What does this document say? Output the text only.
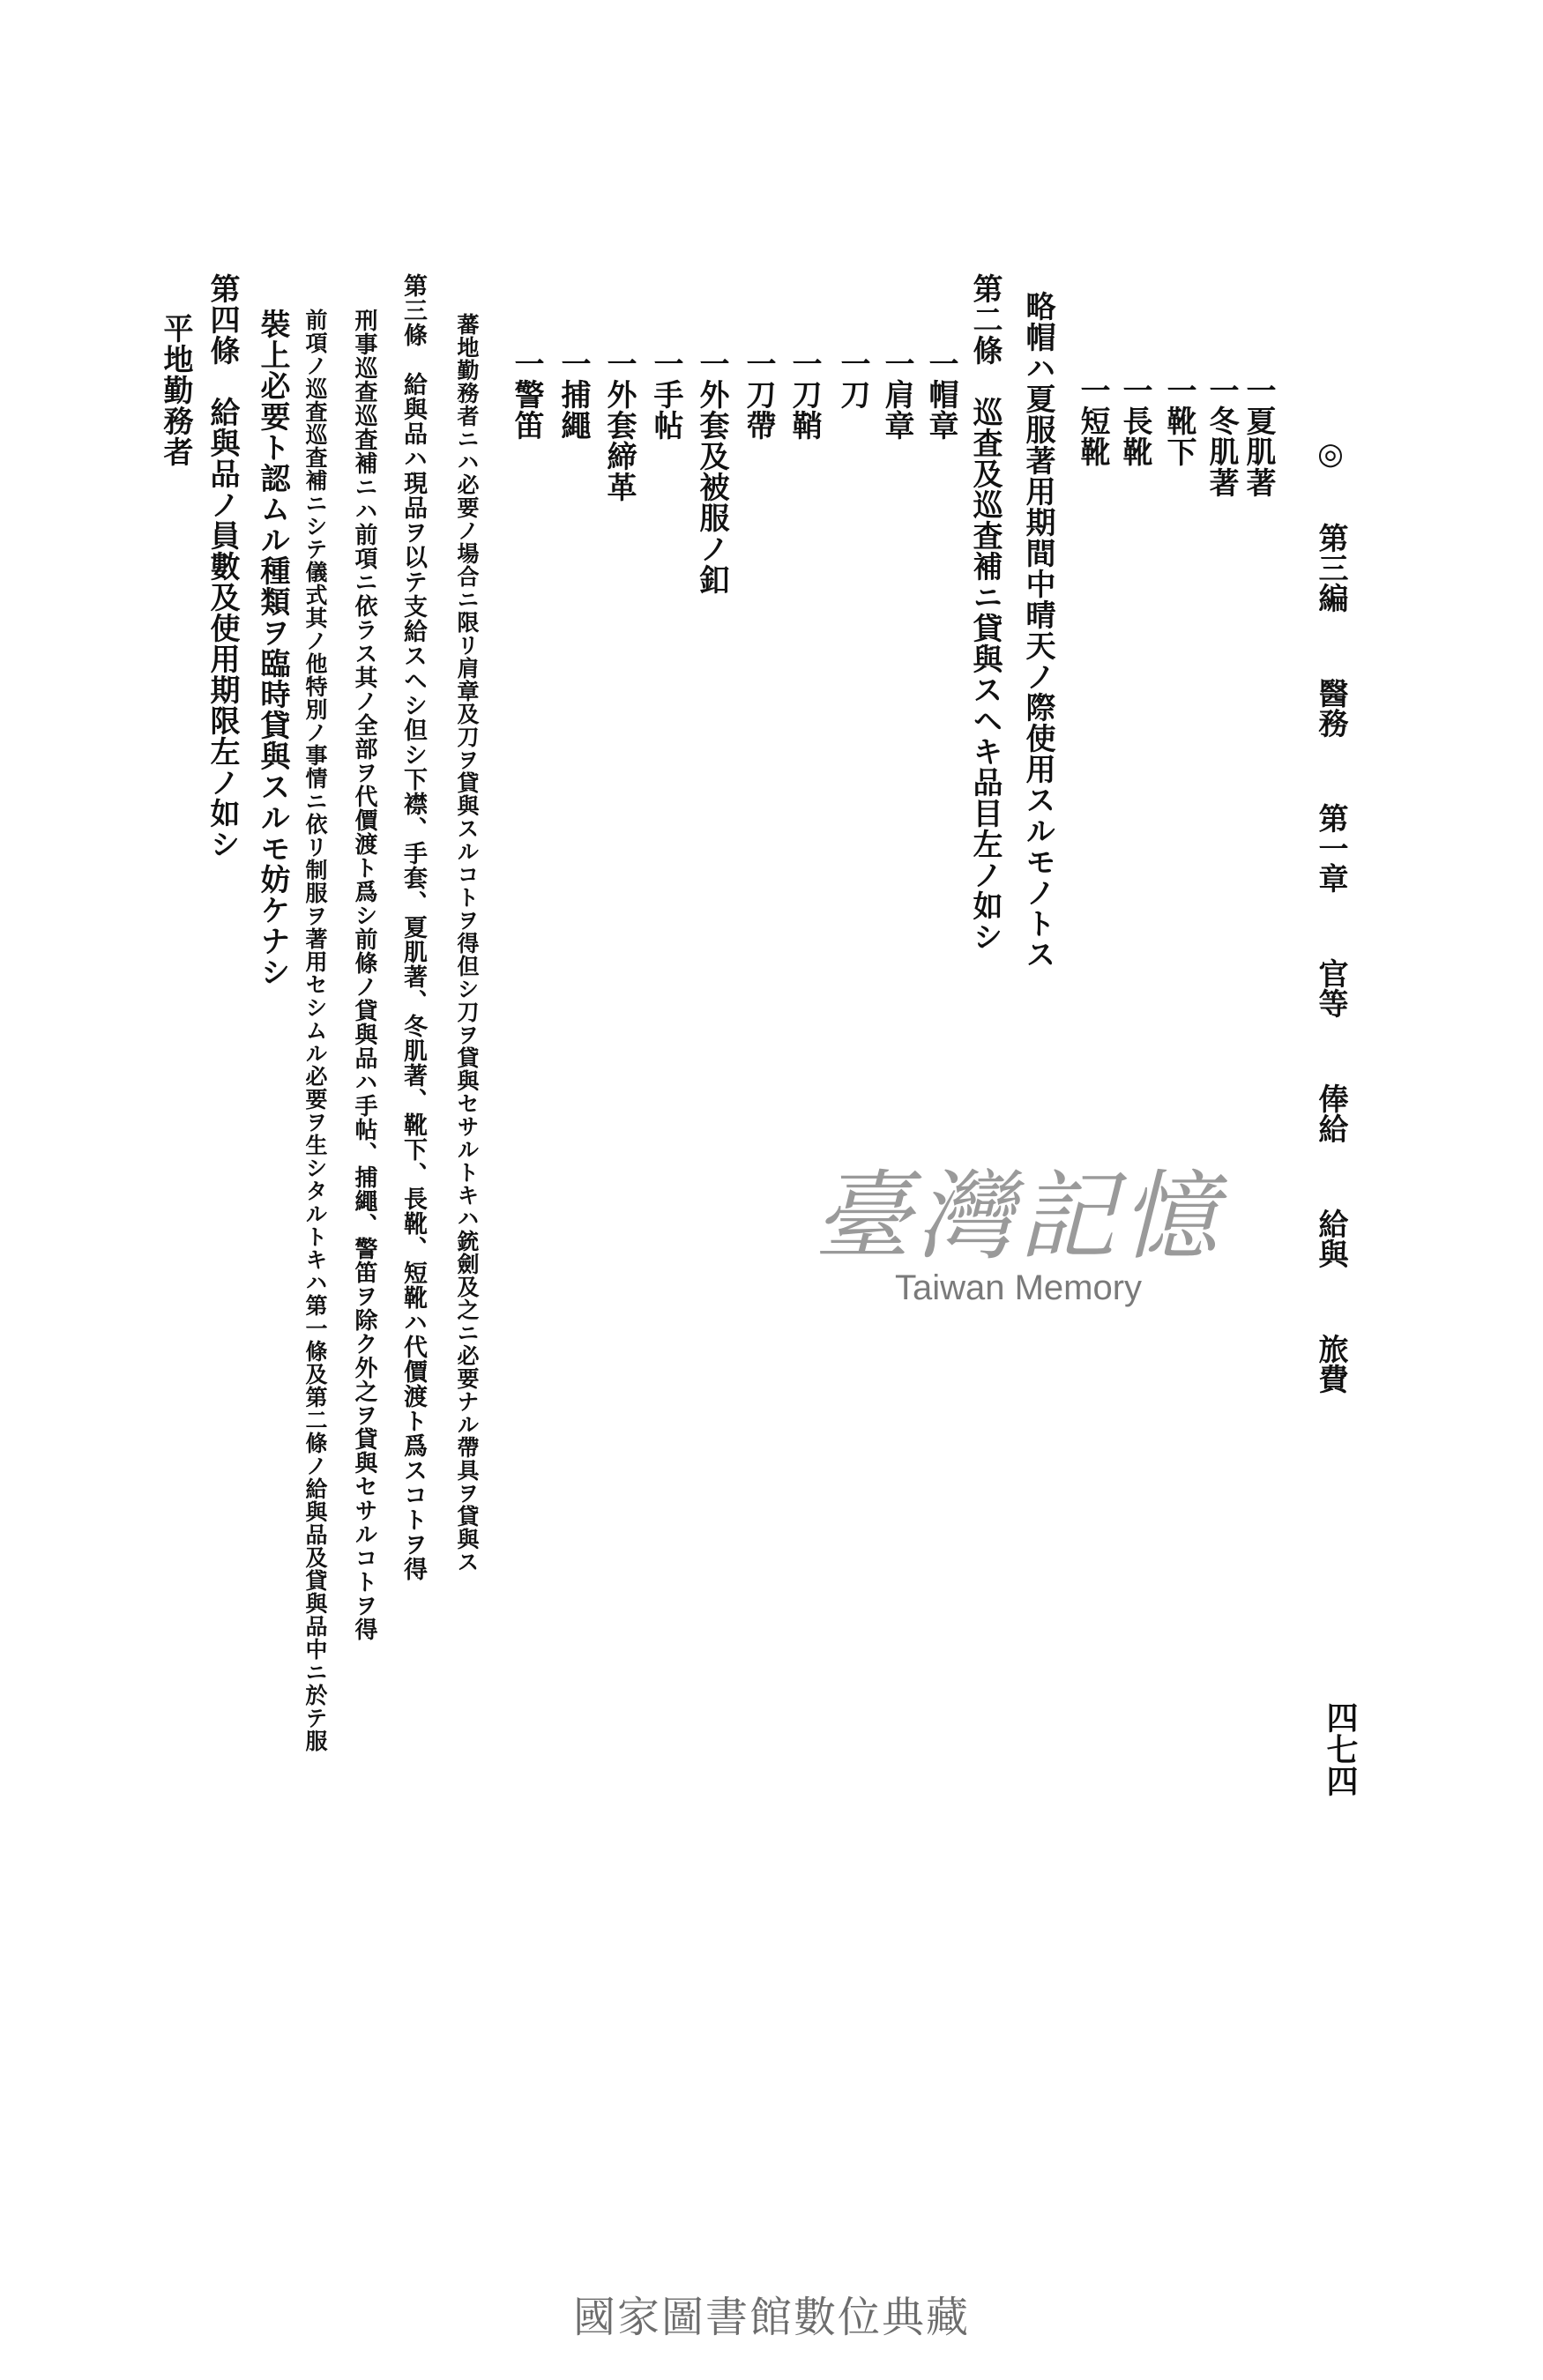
◎ 第三編 醫務 第一章 官等 俸給 給與 旅費
四七四
一夏肌著
一冬肌著
一靴下
一長靴
一短靴
略帽ハ夏服著用期間中晴天ノ際使用スルモノトス
第二條　巡査及巡査補ニ貸與スヘキ品目左ノ如シ
一帽章
一肩章
一刀
一刀鞘
一刀帶
一外套及被服ノ釦
一手帖
一外套締革
一捕繩
一警笛
蕃地勤務者ニハ必要ノ場合ニ限リ肩章及刀ヲ貸與スルコトヲ得但シ刀ヲ貸與セサルトキハ銃劍及之ニ必要ナル帶具ヲ貸與ス
第三條　給與品ハ現品ヲ以テ支給スヘシ但シ下襟、手套、夏肌著、冬肌著、靴下、長靴、短靴ハ代價渡ト爲スコトヲ得
刑事巡查巡査補ニハ前項ニ依ラス其ノ全部ヲ代價渡ト爲シ前條ノ貸與品ハ手帖、捕繩、警笛ヲ除ク外之ヲ貸與セサルコトヲ得
前項ノ巡査巡査補ニシテ儀式其ノ他特別ノ事情ニ依リ制服ヲ著用セシムル必要ヲ生シタルトキハ第一條及第二條ノ給與品及貸與品中ニ於テ服
裝上必要ト認ムル種類ヲ臨時貸與スルモ妨ケナシ
第四條　給與品ノ員數及使用期限左ノ如シ
平地勤務者
臺灣記憶
Taiwan Memory
國家圖書館數位典藏
